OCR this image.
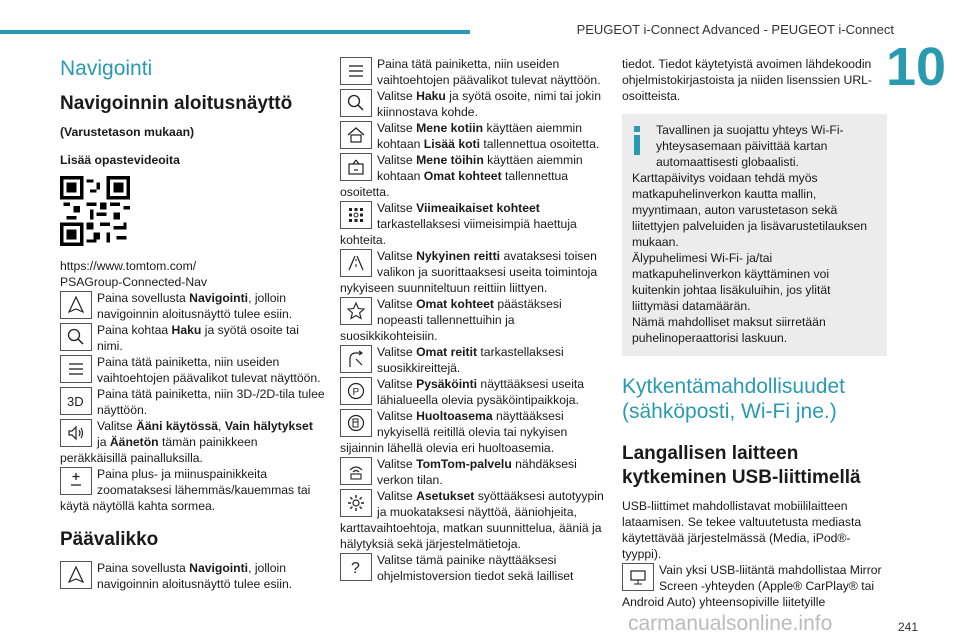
PEUGEOT i-Connect Advanced - PEUGEOT i-Connect
10
Navigointi
Navigoinnin aloitusnäyttö
(Varustetason mukaan)
Lisää opastevideoita
https://www.tomtom.com/
PSAGroup-Connected-Nav
Paina sovellusta Navigointi, jolloin navigoinnin aloitusnäyttö tulee esiin.
Paina kohtaa Haku ja syötä osoite tai nimi.
Paina tätä painiketta, niin useiden vaihtoehtojen päävalikot tulevat näyttöön.
3D	Paina tätä painiketta, niin 3D-/2D-tila tulee näyttöön.
Valitse Ääni käytössä, Vain hälytykset ja Äänetön tämän painikkeen peräkkäisillä painalluksilla.
Paina plus- ja miinuspainikkeita zoomataksesi lähemmäs/kauemmas tai käytä näytöllä kahta sormea.
Päävalikko
Paina sovellusta Navigointi, jolloin navigoinnin aloitusnäyttö tulee esiin.
Paina tätä painiketta, niin useiden vaihtoehtojen päävalikot tulevat näyttöön.
Valitse Haku ja syötä osoite, nimi tai jokin kiinnostava kohde.
Valitse Mene kotiin käyttäen aiemmin kohtaan Lisää koti tallennettua osoitetta.
Valitse Mene töihin käyttäen aiemmin kohtaan Omat kohteet tallennettua osoitetta.
Valitse Viimeaikaiset kohteet tarkastellaksesi viimeisimpiä haettuja kohteita.
Valitse Nykyinen reitti avataksesi toisen valikon ja suorittaaksesi useita toimintoja nykyiseen suunniteltuun reittiin liittyen.
Valitse Omat kohteet päästäksesi nopeasti tallennettuihin ja suosikkikohteisiin.
Valitse Omat reitit tarkastellaksesi suosikkireittejä.
P
Valitse Pysäköinti näyttääksesi useita lähialueella olevia pysäköintipaikkoja.
Valitse Huoltoasema näyttääksesi nykyisellä reitillä olevia tai nykyisen sijainnin lähellä olevia eri huoltoasemia.
Valitse TomTom-palvelu nähdäksesi verkon tilan.
Valitse Asetukset syöttääksesi autotyypin ja muokataksesi näyttöä, ääniohjeita, karttavaihtoehtoja, matkan suunnittelua, ääniä ja hälytyksiä sekä järjestelmätietoja.
?	Valitse tämä painike näyttääksesi ohjelmistoversion tiedot sekä lailliset
tiedot. Tiedot käytetyistä avoimen lähdekoodin ohjelmistokirjastoista ja niiden lisenssien URL-osoitteista.

Tavallinen ja suojattu yhteys Wi-Fi-yhteysasemaan päivittää kartan automaattisesti globaalisti.

Karttapäivitys voidaan tehdä myös matkapuhelinverkon kautta mallin, myyntimaan, auton varustetason sekä liitettyjen palveluiden ja lisävarustetilauksen mukaan.

Älypuhelimesi Wi-Fi- ja/tai matkapuhelinverkon käyttäminen voi kuitenkin johtaa lisäkuluihin, jos ylität liittymäsi datamäärän.

Nämä mahdolliset maksut siirretään puhelinoperaattorisi laskuun.

Kytkentämahdollisuudet (sähköposti, Wi-Fi jne.)
Langallisen laitteen kytkeminen USB-liittimellä
USB-liittimet mahdollistavat mobiililaitteen lataamisen. Se tekee valtuutetusta mediasta käytettävää järjestelmässä (Media, iPod®-tyyppi).
Vain yksi USB-liitäntä mahdollistaa Mirror Screen -yhteyden (Apple® CarPlay® tai Android Auto) yhteensopiville liitetyille
241
carmanualsonline.info
